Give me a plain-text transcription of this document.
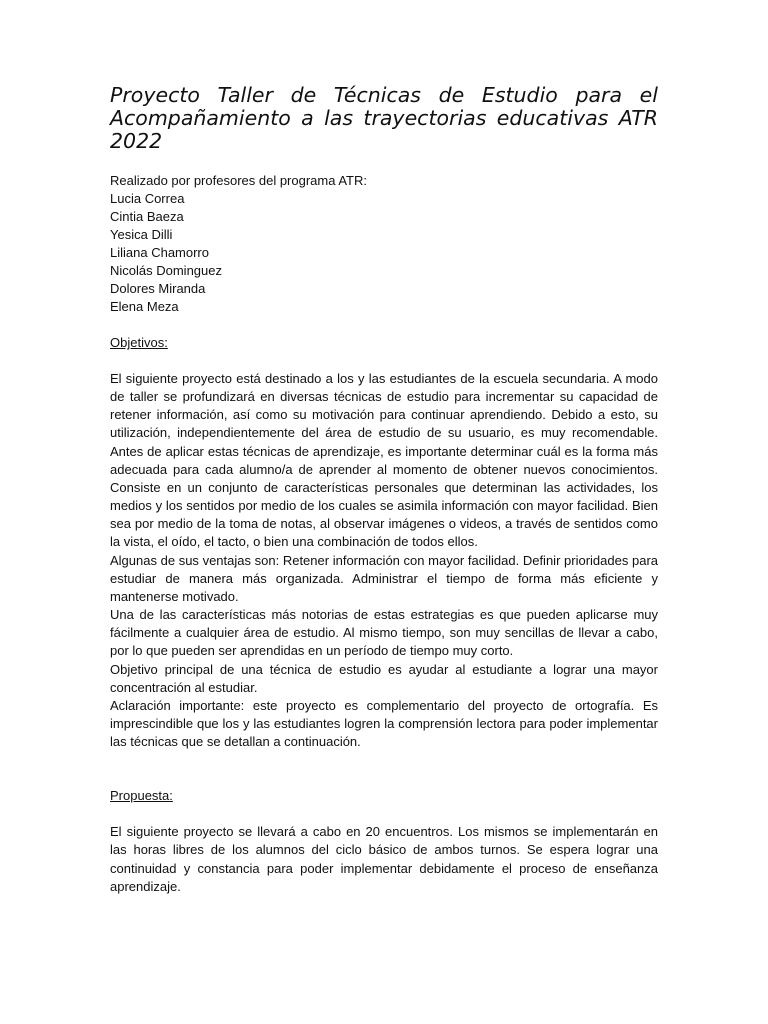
Proyecto Taller de Técnicas de Estudio para el Acompañamiento a las trayectorias educativas ATR 2022
Realizado por profesores del programa ATR:
Lucia Correa
Cintia Baeza
Yesica Dilli
Liliana Chamorro
Nicolás Dominguez
Dolores Miranda
Elena Meza
Objetivos:

El siguiente proyecto está destinado a los y las estudiantes de la escuela secundaria. A modo de taller se profundizará en diversas técnicas de estudio para incrementar su capacidad de retener información, así como su motivación para continuar aprendiendo. Debido a esto, su utilización, independientemente del área de estudio de su usuario, es muy recomendable. Antes de aplicar estas técnicas de aprendizaje, es importante determinar cuál es la forma más adecuada para cada alumno/a de aprender al momento de obtener nuevos conocimientos. Consiste en un conjunto de características personales que determinan las actividades, los medios y los sentidos por medio de los cuales se asimila información con mayor facilidad. Bien sea por medio de la toma de notas, al observar imágenes o videos, a través de sentidos como la vista, el oído, el tacto, o bien una combinación de todos ellos.

Algunas de sus ventajas son: Retener información con mayor facilidad. Definir prioridades para estudiar de manera más organizada. Administrar el tiempo de forma más eficiente y mantenerse motivado.

Una de las características más notorias de estas estrategias es que pueden aplicarse muy fácilmente a cualquier área de estudio. Al mismo tiempo, son muy sencillas de llevar a cabo, por lo que pueden ser aprendidas en un período de tiempo muy corto.

Objetivo principal de una técnica de estudio es ayudar al estudiante a lograr una mayor concentración al estudiar.

Aclaración importante: este proyecto es complementario del proyecto de ortografía. Es imprescindible que los y las estudiantes logren la comprensión lectora para poder implementar las técnicas que se detallan a continuación.

Propuesta:

El siguiente proyecto se llevará a cabo en 20 encuentros. Los mismos se implementarán en las horas libres de los alumnos del ciclo básico de ambos turnos. Se espera lograr una continuidad y constancia para poder implementar debidamente el proceso de enseñanza aprendizaje.
